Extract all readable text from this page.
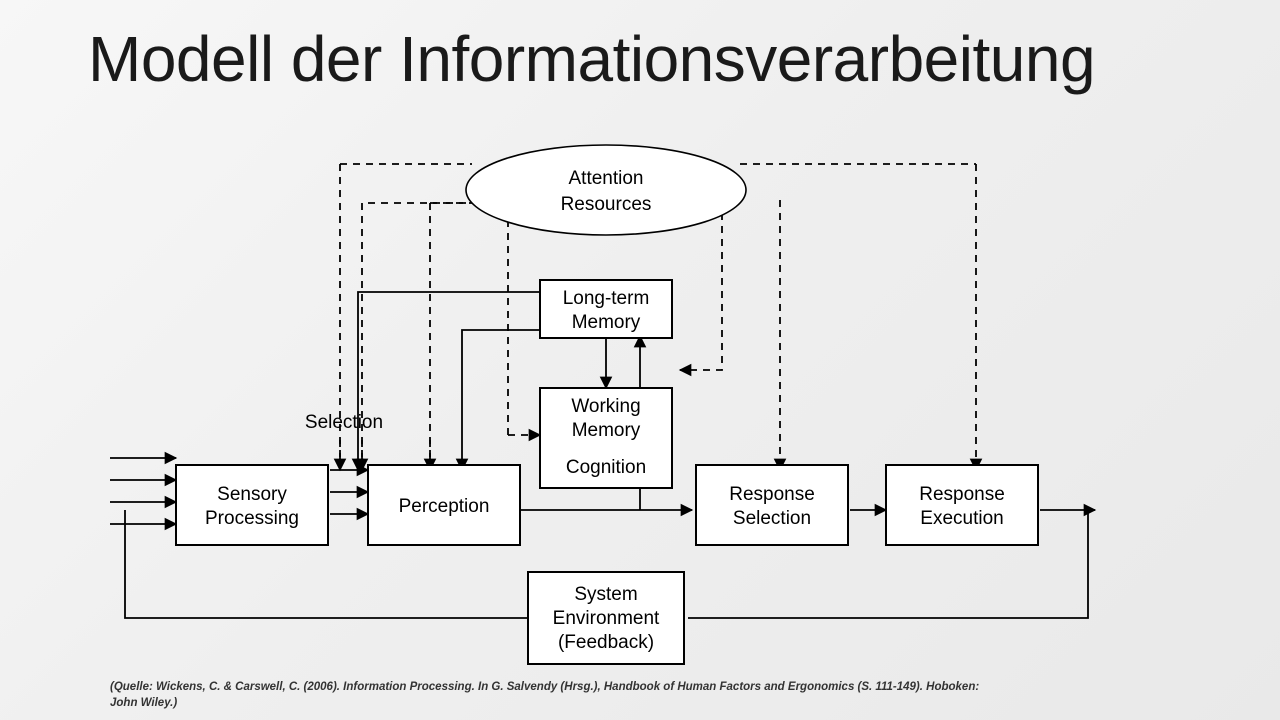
Modell der Informationsverarbeitung
Attention
Resources
Long-term
Memory
Working
Memory
Cognition
Sensory
Processing
Perception
Response
Selection
Response
Execution
System
Environment
(Feedback)
Selection
(Quelle: Wickens, C. & Carswell, C. (2006). Information Processing. In G. Salvendy (Hrsg.), Handbook of Human Factors and Ergonomics (S. 111-149). Hoboken: John Wiley.)
